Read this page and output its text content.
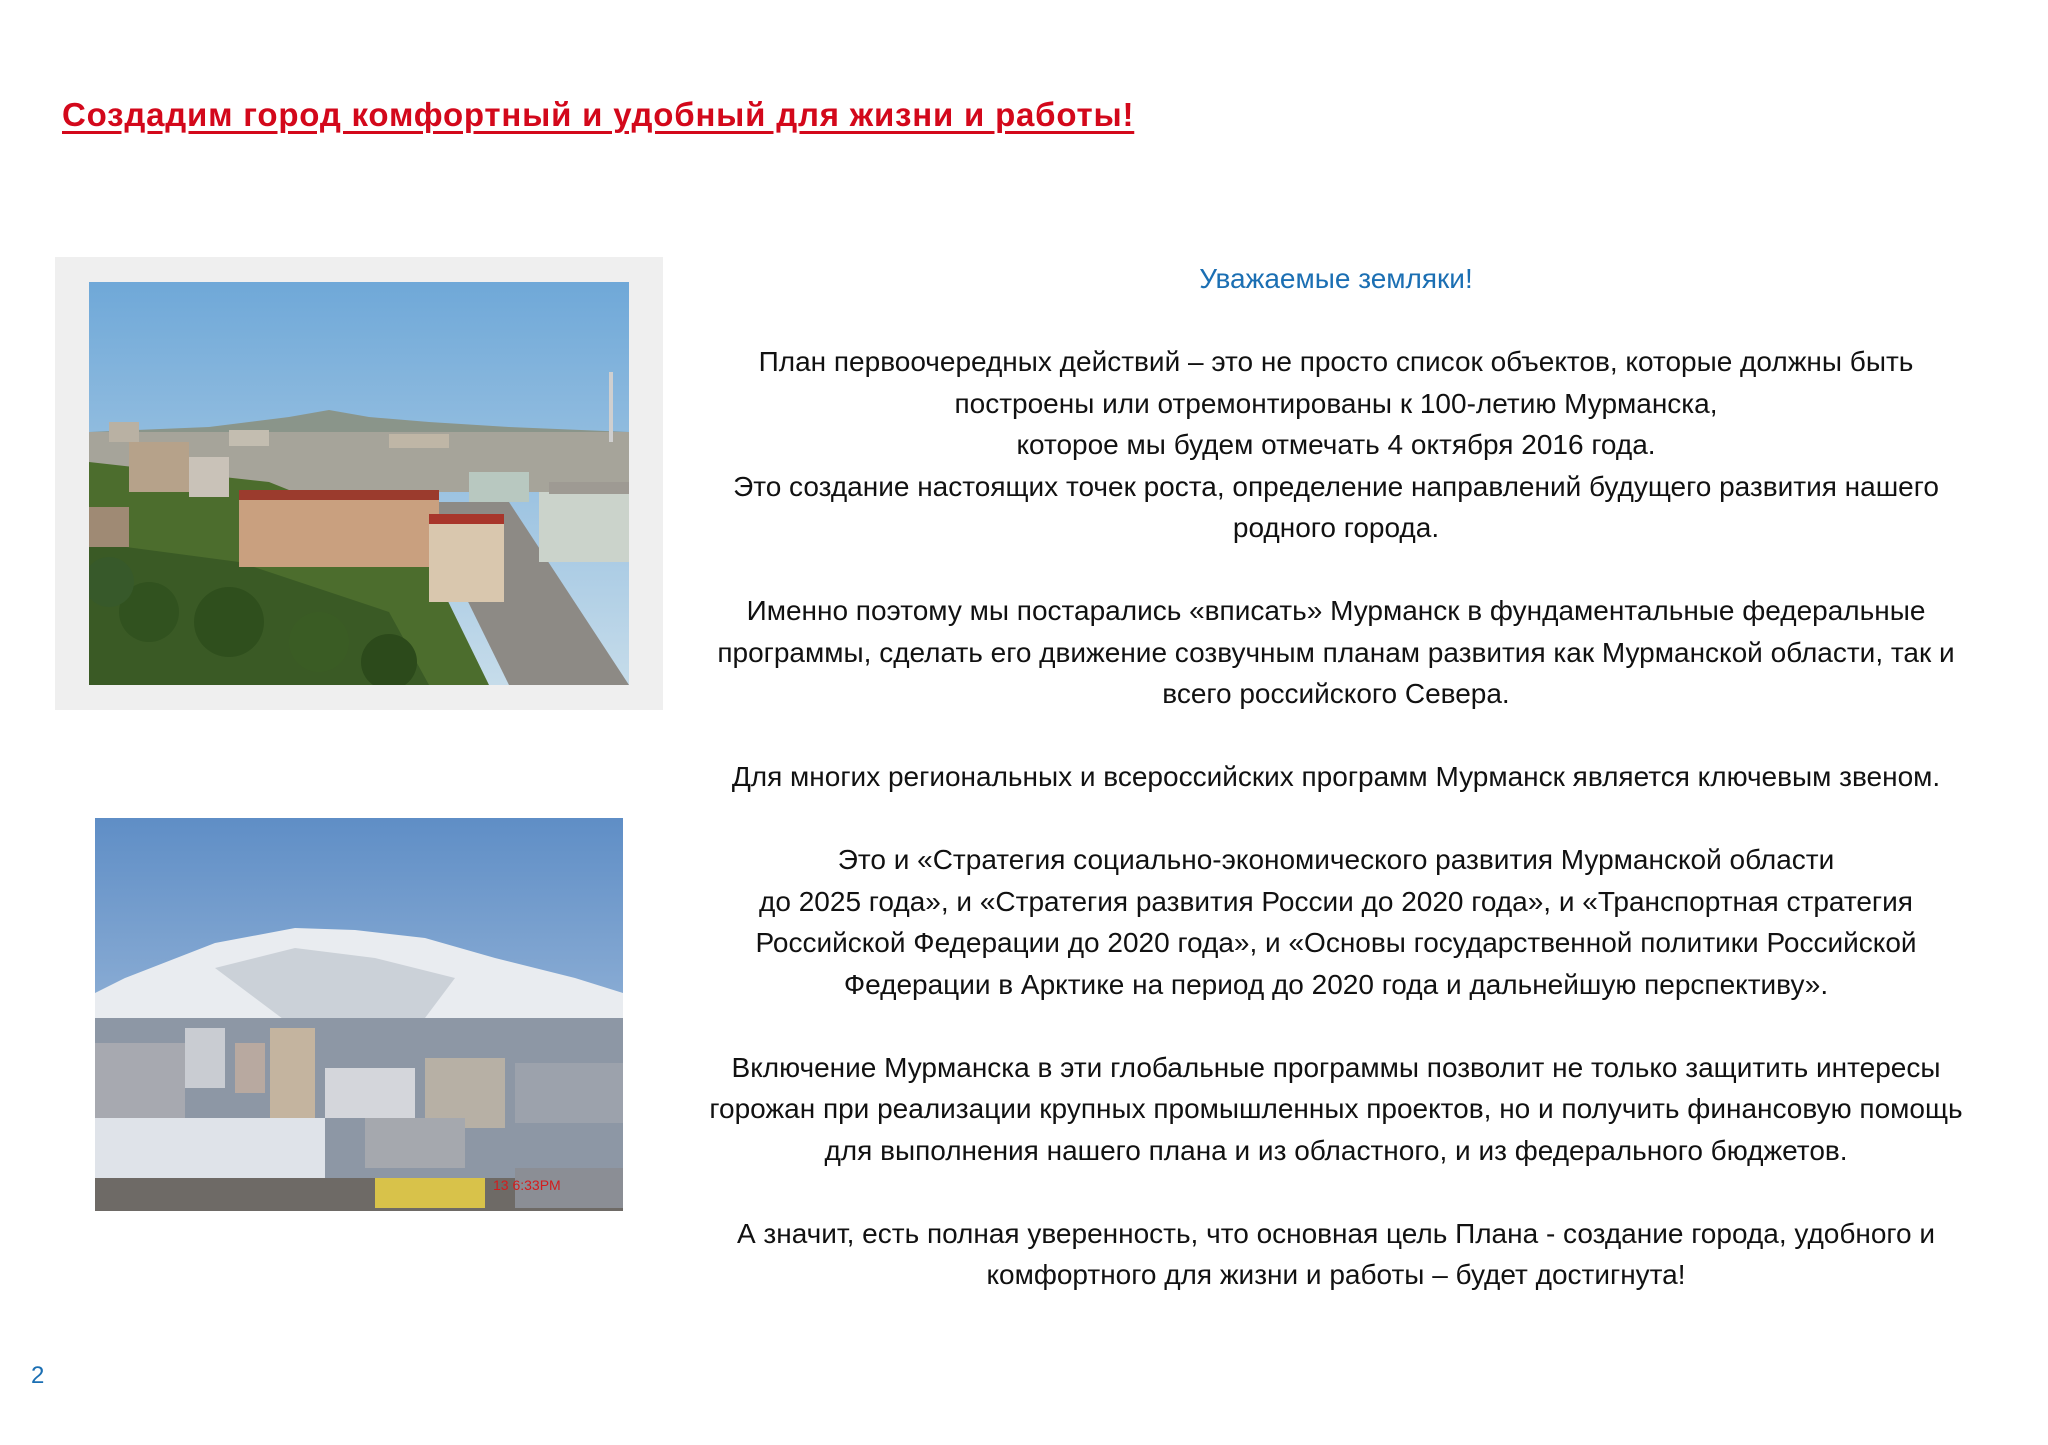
Создадим город комфортный и удобный для жизни и работы!
13 6:33PM

Уважаемые земляки!

План первоочередных действий – это не просто список объектов, которые должны быть
построены или отремонтированы к 100-летию Мурманска,
которое мы будем отмечать 4 октября 2016 года.
Это создание настоящих точек роста, определение направлений будущего развития нашего
родного города.

Именно поэтому мы постарались «вписать» Мурманск в фундаментальные федеральные
программы, сделать его движение созвучным планам развития как Мурманской области, так и
всего российского Севера.

Для многих региональных и всероссийских программ Мурманск является ключевым звеном.

Это и «Стратегия социально-экономического развития Мурманской области
до 2025 года», и «Стратегия развития России до 2020 года», и «Транспортная стратегия
Российской Федерации до 2020 года», и «Основы государственной политики Российской
Федерации в Арктике на период до 2020 года и дальнейшую перспективу».

Включение Мурманска в эти глобальные программы позволит не только защитить интересы
горожан при реализации крупных промышленных проектов, но и получить финансовую помощь
для выполнения нашего плана и из областного, и из федерального бюджетов.

А значит, есть полная уверенность, что основная цель Плана - создание города, удобного и
комфортного для жизни и работы – будет достигнута!

2
